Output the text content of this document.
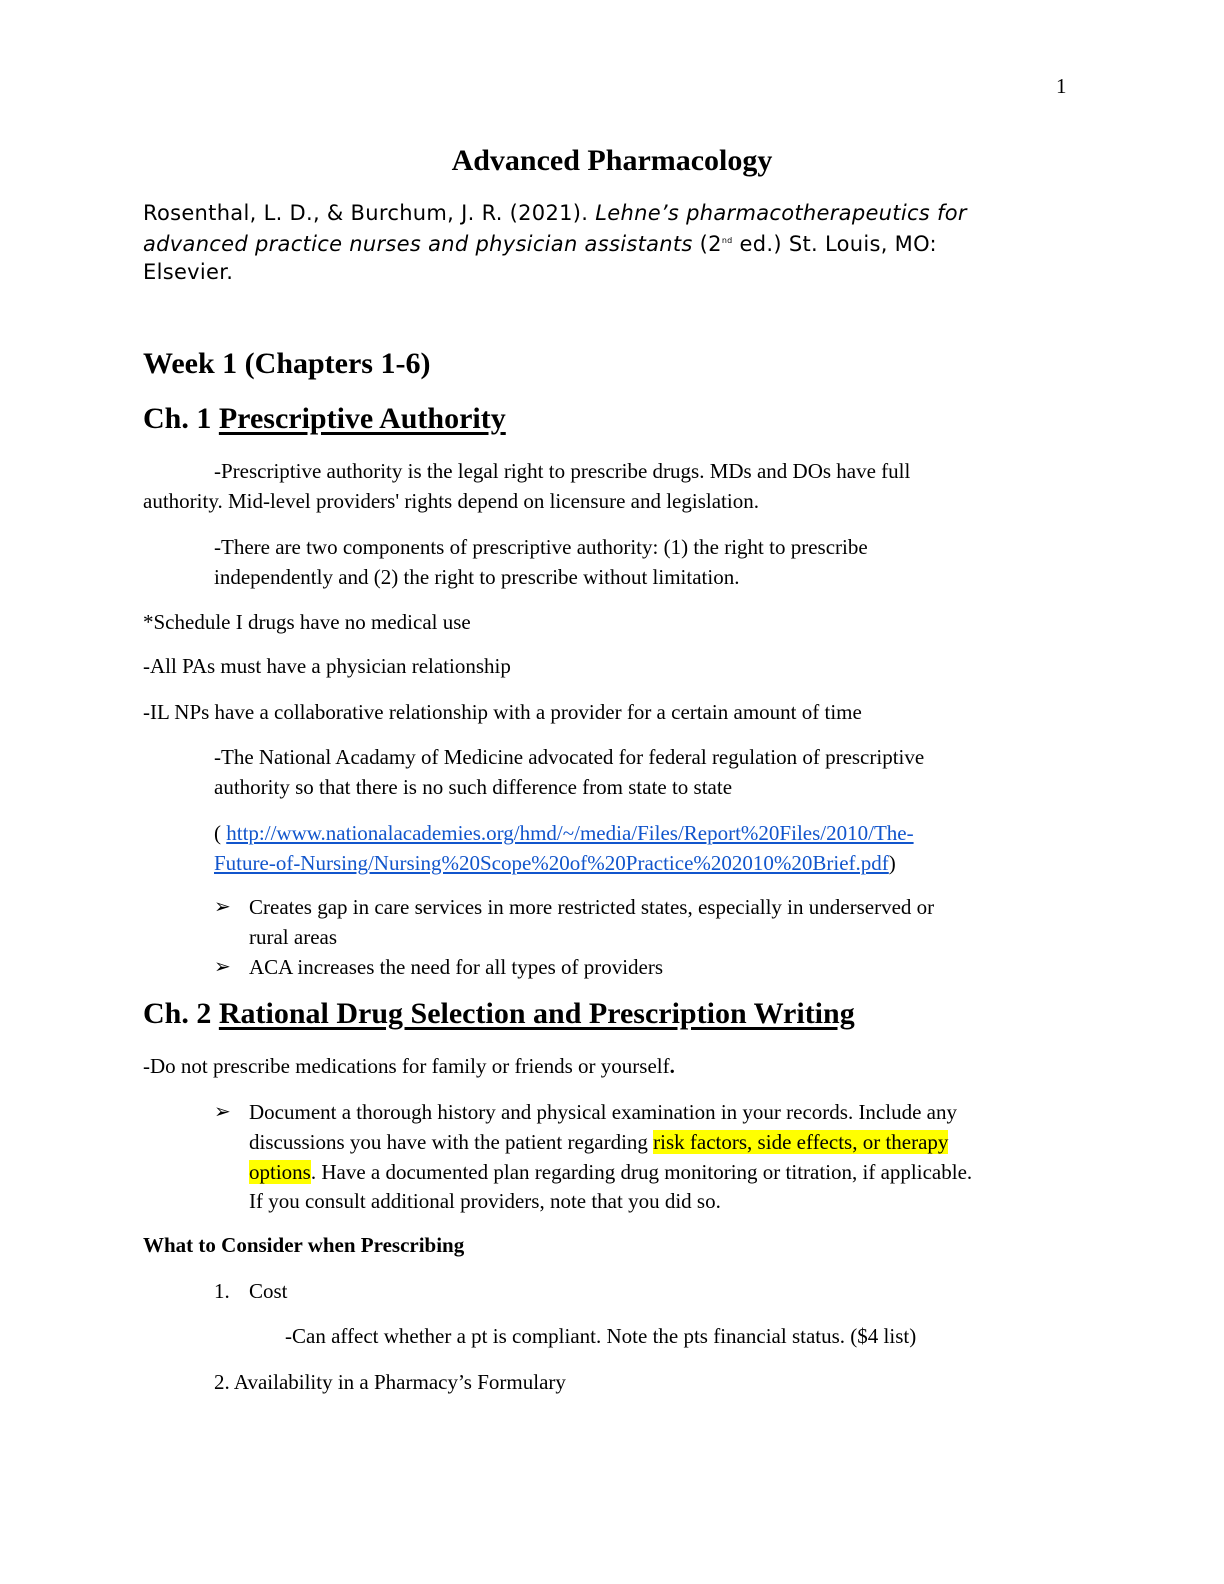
1
Advanced Pharmacology
Rosenthal, L. D., & Burchum, J. R. (2021). Lehne’s pharmacotherapeutics for
advanced practice nurses and physician assistants (2nd ed.) St. Louis, MO:
Elsevier.
Week 1 (Chapters 1-6)
Ch. 1 Prescriptive Authority
-Prescriptive authority is the legal right to prescribe drugs. MDs and DOs have full
authority. Mid-level providers' rights depend on licensure and legislation.
-There are two components of prescriptive authority: (1) the right to prescribe
independently and (2) the right to prescribe without limitation.
*Schedule I drugs have no medical use
-All PAs must have a physician relationship
-IL NPs have a collaborative relationship with a provider for a certain amount of time
-The National Acadamy of Medicine advocated for federal regulation of prescriptive
authority so that there is no such difference from state to state
( http://www.nationalacademies.org/hmd/~/media/Files/Report%20Files/2010/The-
Future-of-Nursing/Nursing%20Scope%20of%20Practice%202010%20Brief.pdf)
➢ Creates gap in care services in more restricted states, especially in underserved or
rural areas
➢ ACA increases the need for all types of providers
Ch. 2 Rational Drug Selection and Prescription Writing
-Do not prescribe medications for family or friends or yourself.
➢ Document a thorough history and physical examination in your records. Include any
discussions you have with the patient regarding risk factors, side effects, or therapy
options. Have a documented plan regarding drug monitoring or titration, if applicable.
If you consult additional providers, note that you did so.
What to Consider when Prescribing
1. Cost
-Can affect whether a pt is compliant. Note the pts financial status. ($4 list)
2. Availability in a Pharmacy’s Formulary
